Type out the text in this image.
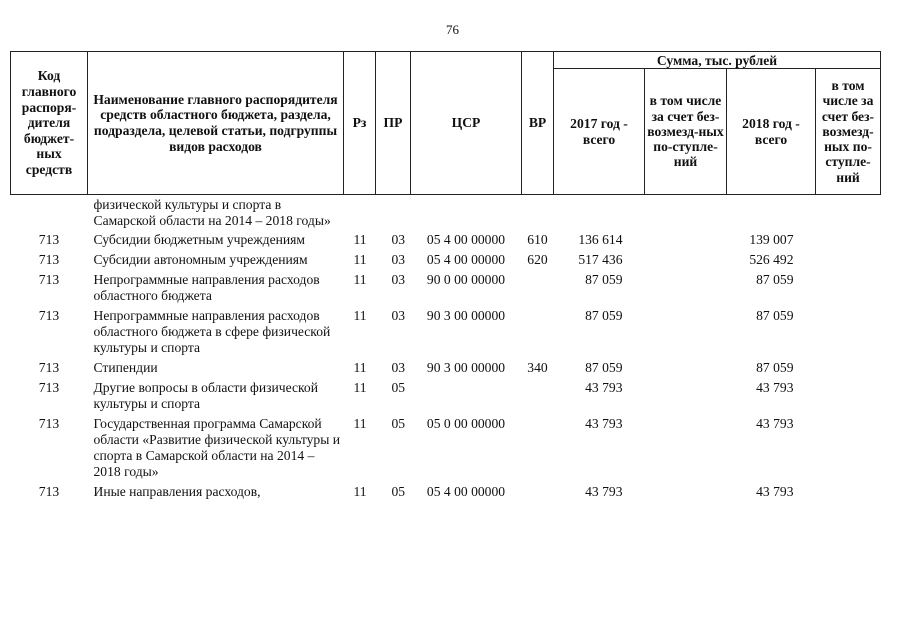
76
Код главного распоря-дителя бюджет-ных средств	Наименование главного распорядителя средств областного бюджета, раздела, подраздела, целевой статьи, подгруппы видов расходов	Рз	ПР	ЦСР	ВР	Сумма, тыс. рублей			
						2017 год - всего	в том числе за счет без-возмезд-ных по-ступле-ний	2018 год - всего	в том числе за счет без-возмезд-ных по-ступле-ний
	физической культуры и спорта в Самарской области на 2014 – 2018 годы»								
713	Субсидии бюджетным учреждениям	11	03	05 4 00 00000	610	136 614		139 007	
713	Субсидии автономным учреждениям	11	03	05 4 00 00000	620	517 436		526 492	
713	Непрограммные направления расходов областного бюджета	11	03	90 0 00 00000		87 059		87 059	
713	Непрограммные направления расходов областного бюджета в сфере физической культуры и спорта	11	03	90 3 00 00000		87 059		87 059	
713	Стипендии	11	03	90 3 00 00000	340	87 059		87 059	
713	Другие вопросы в области физической культуры и спорта	11	05			43 793		43 793	
713	Государственная программа Самарской области «Развитие физической культуры и спорта в Самарской области на 2014 – 2018 годы»	11	05	05 0 00 00000		43 793		43 793	
713	Иные направления расходов,	11	05	05 4 00 00000		43 793		43 793	
